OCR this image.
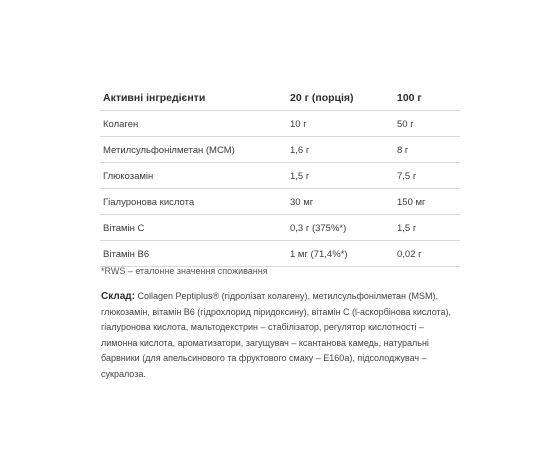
Активні інгрeдієнти	20 г (порція)	100 г
Колаген	10 г	50 г
Метилсульфонілметан (МСМ)	1,6 г	8 г
Глюкозамін	1,5 г	7,5 г
Гіалуронова кислота	30 мг	150 мг
Вітамін С	0,3 г (375%*)	1,5 г
Вітамін В6	1 мг (71,4%*)	0,02 г
*RWS – еталонне значення споживання
Склад: Collagen Peptiplus® (гідролізат колагену), метилсульфонілметан (MSM), глюкозамін, вітамін В6 (гідрохлорид піридоксину), вітамін С (l-аскорбінова кислота), гіалуронова кислота, мальтодекстрин – стабілізатор, регулятор кислотності – лимонна кислота, ароматизатори, загущувач – ксантанова камедь, натуральні барвники (для апельсинового та фруктового смаку – Е160а), підсолоджувач – сукралоза.
